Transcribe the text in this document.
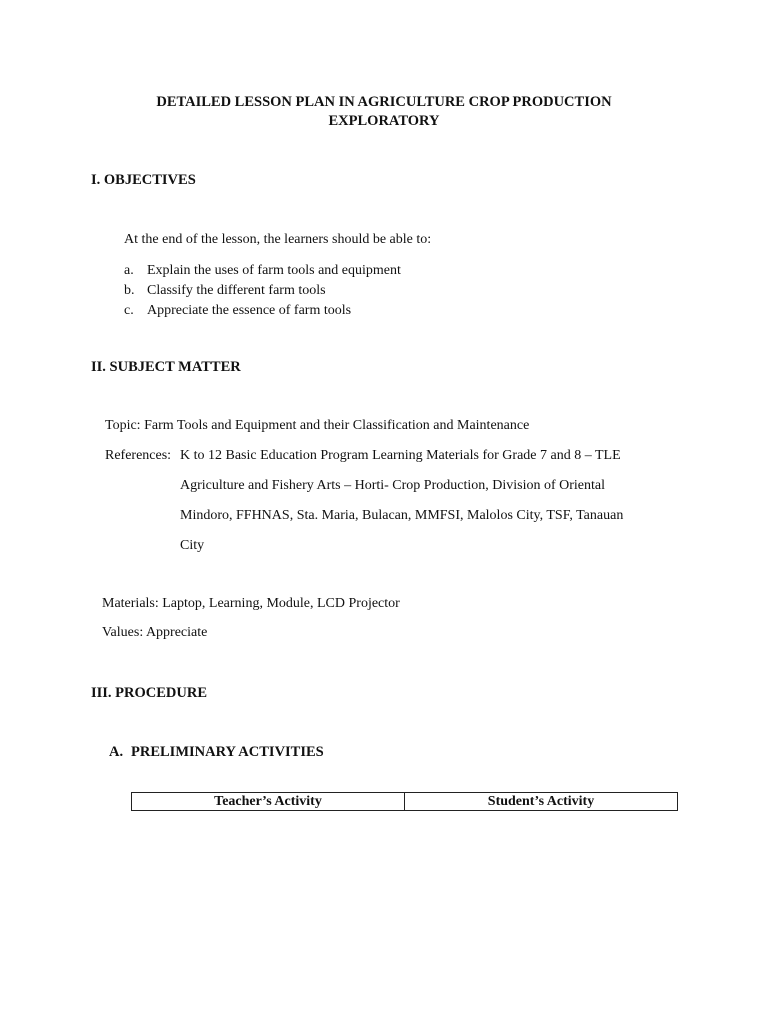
DETAILED LESSON PLAN IN AGRICULTURE CROP PRODUCTION
EXPLORATORY
I. OBJECTIVES
At the end of the lesson, the learners should be able to:
a. Explain the uses of farm tools and equipment
b. Classify the different farm tools
c. Appreciate the essence of farm tools
II. SUBJECT MATTER
Topic: Farm Tools and Equipment and their Classification and Maintenance
References: K to 12 Basic Education Program Learning Materials for Grade 7 and 8 – TLE
Agriculture and Fishery Arts – Horti- Crop Production, Division of Oriental
Mindoro, FFHNAS, Sta. Maria, Bulacan, MMFSI, Malolos City, TSF, Tanauan
City
Materials: Laptop, Learning, Module, LCD Projector
Values: Appreciate
III. PROCEDURE
A. PRELIMINARY ACTIVITIES
Teacher’s Activity	Student’s Activity
